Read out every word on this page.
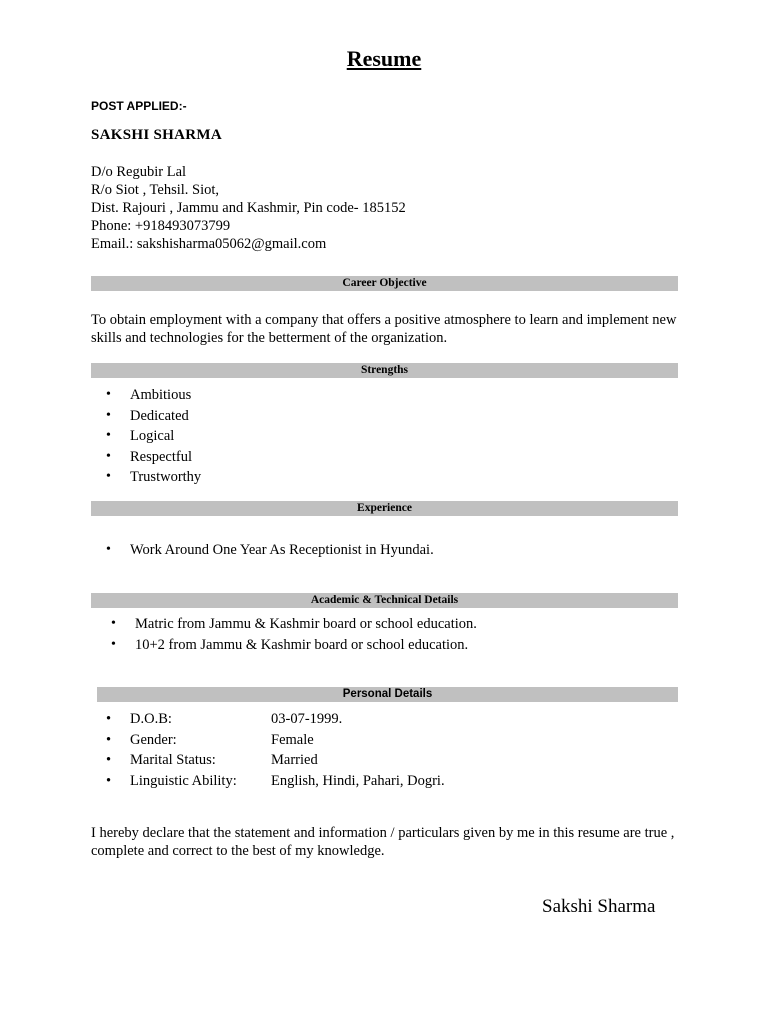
Resume
POST APPLIED:-
SAKSHI SHARMA
D/o Regubir Lal
R/o Siot , Tehsil. Siot,
Dist. Rajouri , Jammu and Kashmir, Pin code- 185152
Phone: +918493073799
Email.: sakshisharma05062@gmail.com
Career Objective
To obtain employment with a company that offers a positive atmosphere to learn and implement new skills and technologies for the betterment of the organization.
Strengths
• Ambitious
• Dedicated
• Logical
• Respectful
• Trustworthy
Experience
• Work Around One Year As Receptionist in Hyundai.
Academic & Technical Details
• Matric from Jammu & Kashmir board or school education.
• 10+2 from Jammu & Kashmir board or school education.
Personal Details
• D.O.B:	03-07-1999.
• Gender:	Female
• Marital Status:	Married
• Linguistic Ability: English, Hindi, Pahari, Dogri.
I hereby declare that the statement and information / particulars given by me in this resume are true , complete and correct to the best of my knowledge.
Sakshi Sharma
